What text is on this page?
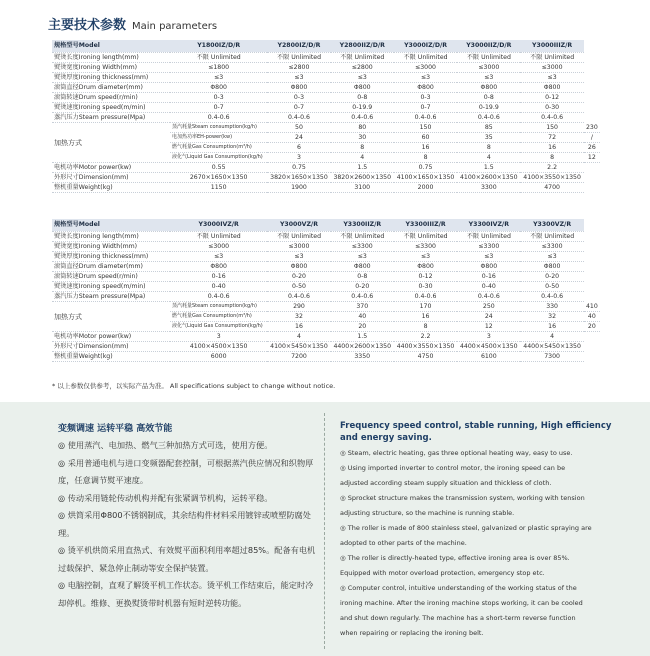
主要技术参数 Main parameters
规格型号Model	Y1800IZ/D/R	Y2800IZ/D/R	Y2800IIZ/D/R	Y3000IZ/D/R	Y3000IIZ/D/R	Y3000IIIZ/R	
熨烫长度Ironing length(mm)	不限 Unlimited	不限 Unlimited	不限 Unlimited	不限 Unlimited	不限 Unlimited	不限 Unlimited	
熨烫宽度Ironing Width(mm)	≤1800	≤2800	≤2800	≤3000	≤3000	≤3000	
熨烫厚度Ironing thickness(mm)	≤3	≤3	≤3	≤3	≤3	≤3	
滚筒直径Drum diameter(mm)	Φ800	Φ800	Φ800	Φ800	Φ800	Φ800	
滚筒转速Drum speed(r/min)	0-3	0-3	0-8	0-3	0-8	0-12	
熨烫速度Ironing speed(m/min)	0-7	0-7	0-19.9	0-7	0-19.9	0-30	
蒸汽压力Steam pressure(Mpa)	0.4-0.6	0.4-0.6	0.4-0.6	0.4-0.6	0.4-0.6	0.4-0.6	
加热方式	蒸汽耗量Steam consumption(kg/h)	50	80	150	85	150	230
	电加热功率EH-power(kw)	24	30	60	35	72	/
	燃气耗量Gas Consumption(m³/h)	6	8	16	8	16	26
	液化气Liquid Gas Consumption(kg/h)	3	4	8	4	8	12
电机功率Motor power(kw)	0.55	0.75	1.5	0.75	1.5	2.2	
外形尺寸Dimension(mm)	2670×1650×1350	3820×1650×1350	3820×2600×1350	4100×1650×1350	4100×2600×1350	4100×3550×1350	
整机重量Weight(kg)	1150	1900	3100	2000	3300	4700	
规格型号Model	Y3000IVZ/R	Y3000VZ/R	Y3300IIZ/R	Y3300IIIZ/R	Y3300IVZ/R	Y3300VZ/R	
熨烫长度Ironing length(mm)	不限 Unlimited	不限 Unlimited	不限 Unlimited	不限 Unlimited	不限 Unlimited	不限 Unlimited	
熨烫宽度Ironing Width(mm)	≤3000	≤3000	≤3300	≤3300	≤3300	≤3300	
熨烫厚度Ironing thickness(mm)	≤3	≤3	≤3	≤3	≤3	≤3	
滚筒直径Drum diameter(mm)	Φ800	Φ800	Φ800	Φ800	Φ800	Φ800	
滚筒转速Drum speed(r/min)	0-16	0-20	0-8	0-12	0-16	0-20	
熨烫速度Ironing speed(m/min)	0-40	0-50	0-20	0-30	0-40	0-50	
蒸汽压力Steam pressure(Mpa)	0.4-0.6	0.4-0.6	0.4-0.6	0.4-0.6	0.4-0.6	0.4-0.6	
加热方式	蒸汽耗量Steam consumption(kg/h)	290	370	170	250	330	410
	燃气耗量Gas Consumption(m³/h)	32	40	16	24	32	40
	液化气Liquid Gas Consumption(kg/h)	16	20	8	12	16	20
电机功率Motor power(kw)	3	4	1.5	2.2	3	4	
外形尺寸Dimension(mm)	4100×4500×1350	4100×5450×1350	4400×2600×1350	4400×3550×1350	4400×4500×1350	4400×5450×1350	
整机重量Weight(kg)	6000	7200	3350	4750	6100	7300	
* 以上参数仅供参考，以实际产品为准。 All specifications subject to change without notice.
变频调速 运转平稳 高效节能

◎ 使用蒸汽、电加热、燃气三种加热方式可选，使用方便。

◎ 采用普通电机与进口变频器配套控制，可根据蒸汽供应情况和织物厚度，任意调节熨平速度。

◎ 传动采用链轮传动机构并配有张紧调节机构，运转平稳。

◎ 烘筒采用Φ800不锈钢制成，其余结构件材料采用镀锌或喷塑防腐处理。

◎ 烫平机烘筒采用直热式、有效熨平面积利用率超过85%。配备有电机过载保护、紧急停止制动等安全保护装置。

◎ 电脑控制，直观了解烫平机工作状态。烫平机工作结束后，能定时冷却停机。维修、更换熨烫带时机器有短时逆转功能。

Frequency speed control, stable running, High efficiency and energy saving.

◎ Steam, electric heating, gas three optional heating way, easy to use.

◎ Using imported inverter to control motor, the ironing speed can be adjusted according steam supply situation and thickless of cloth.

◎ Sprocket structure makes the transmission system, working with tension adjusting structure, so the machine is running stable.

◎ The roller is made of 800 stainless steel, galvanized or plastic spraying are adopted to other parts of the machine.

◎ The roller is directly-heated type, effective ironing area is over 85%. Equipped with motor overload protection, emergency stop etc.

◎ Computer control, intuitive understanding of the working status of the ironing machine. After the ironing machine stops working, it can be cooled and shut down regularly. The machine has a short-term reverse function when repairing or replacing the ironing belt.
